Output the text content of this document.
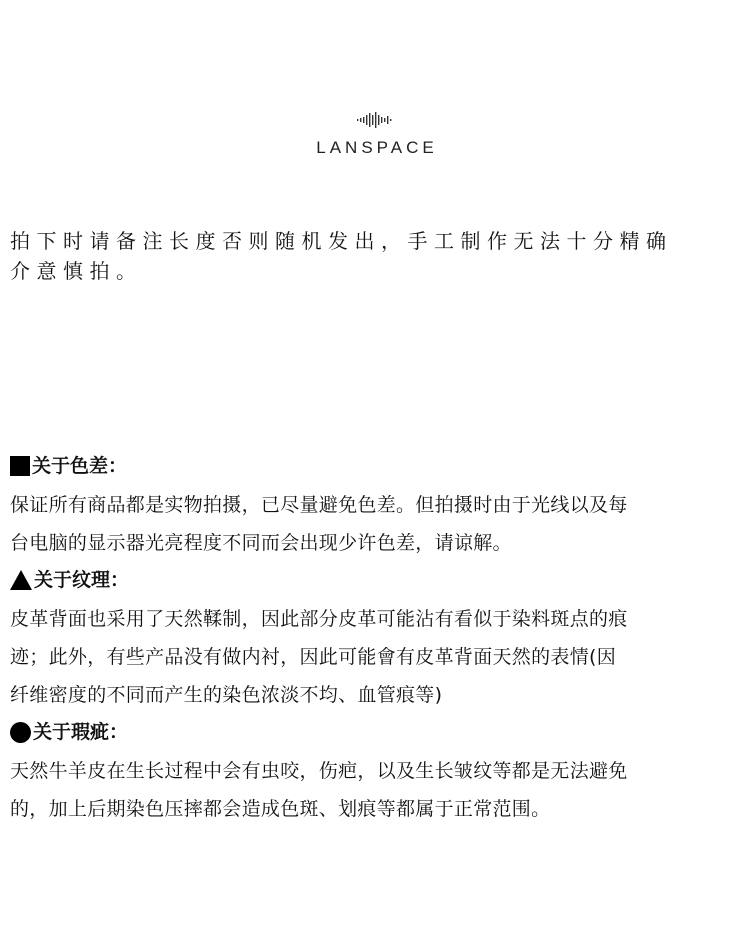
LANSPACE

拍下时请备注长度否则随机发出，手工制作无法十分精确

介意慎拍。

关于色差：

保证所有商品都是实物拍摄，已尽量避免色差。但拍摄时由于光线以及每
台电脑的显示器光亮程度不同而会出现少许色差，请谅解。

关于纹理：

皮革背面也采用了天然鞣制，因此部分皮革可能沾有看似于染料斑点的痕
迹；此外，有些产品没有做内衬，因此可能會有皮革背面天然的表情(因
纤维密度的不同而产生的染色浓淡不均、血管痕等)

关于瑕疵：

天然牛羊皮在生长过程中会有虫咬，伤疤，以及生长皱纹等都是无法避免
的，加上后期染色压摔都会造成色斑、划痕等都属于正常范围。
